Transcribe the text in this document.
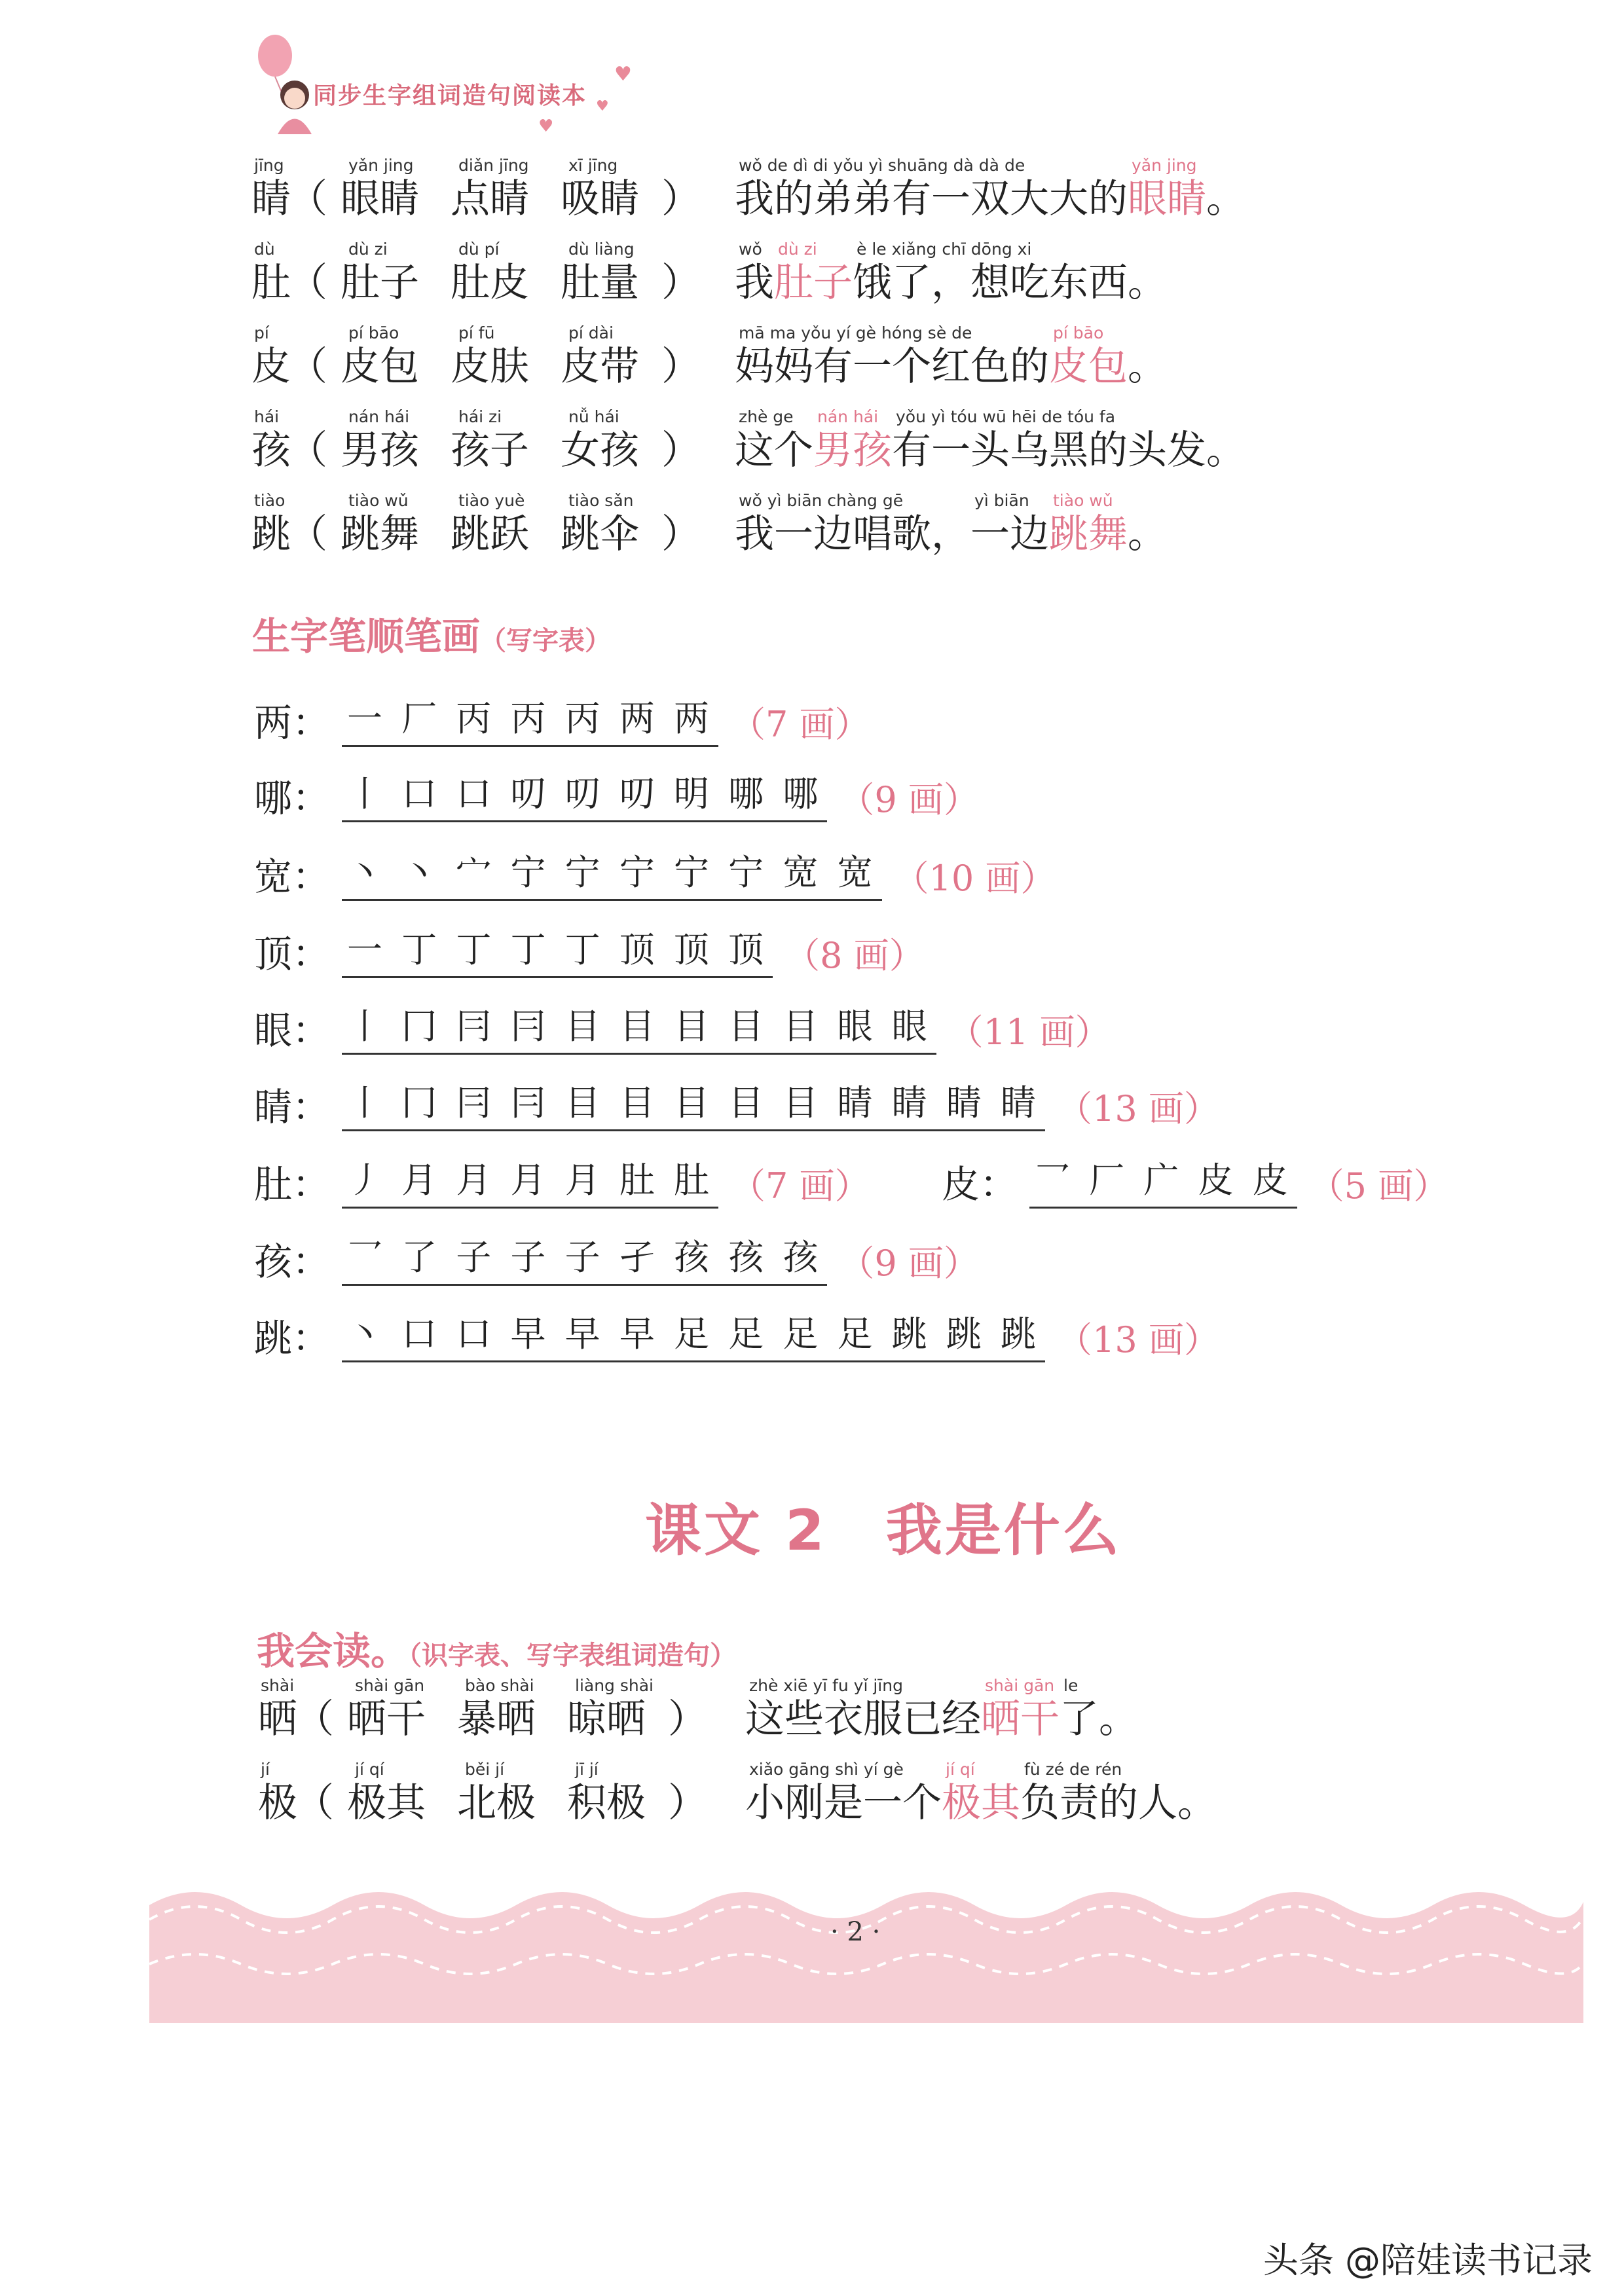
同步生字组词造句阅读本
♥
♥
♥
jīng
睛
（
yǎn jing
眼睛
diǎn jīng
点睛
xī jīng
吸睛 ）
wǒ de dì di yǒu yì shuāng dà dà de
我的弟弟有一双大大的
yǎn jing
眼睛 。
dù
肚
（
dù zi
肚子
dù pí
肚皮
dù liàng
肚量 ）
wǒ
我
dù zi
肚子
è le xiǎng chī dōng xi
饿了，想吃东西。
pí
皮
（
pí bāo
皮包
pí fū
皮肤
pí dài
皮带 ）
mā ma yǒu yí gè hóng sè de
妈妈有一个红色的
pí bāo
皮包 。
hái
孩
（
nán hái
男孩
hái zi
孩子
nǚ hái
女孩 ）
zhè ge
这个
nán hái
男孩
yǒu yì tóu wū hēi de tóu fa
有一头乌黑的头发。
tiào
跳
（
tiào wǔ
跳舞
tiào yuè
跳跃
tiào sǎn
跳伞 ）
wǒ yì biān chàng gē
我一边唱歌，
yì biān
一边
tiào wǔ
跳舞 。
生字笔顺笔画（写字表）
两： 一 厂 丙 丙 丙 两 两 （7 画）
哪： 丨 口 口 叨 叨 叨 明 哪 哪 （9 画）
宽： 丶 丶 宀 宁 宁 宁 宁 宁 宽 宽 （10 画）
顶： 一 丁 丁 丁 丁 顶 顶 顶 （8 画）
眼： 丨 冂 冃 冃 目 目 目 目 目 眼 眼 （11 画）
睛： 丨 冂 冃 冃 目 目 目 目 目 睛 睛 睛 睛 （13 画）
肚： 丿 月 月 月 月 肚 肚 （7 画） 皮： 乛 厂 广 皮 皮 （5 画）
孩： 乛 了 子 子 子 孑 孩 孩 孩 （9 画）
跳： 丶 口 口 早 早 早 足 足 足 足 跳 跳 跳 （13 画）
课文 2　我是什么
我会读。（识字表、写字表组词造句）
shài
晒
（
shài gān
晒干
bào shài
暴晒
liàng shài
晾晒 ）
zhè xiē yī fu yǐ jīng
这些衣服已经
shài gān
晒干
le
了。
jí
极
（
jí qí
极其
běi jí
北极
jī jí
积极 ）
xiǎo gāng shì yí gè
小刚是一个
jí qí
极其
fù zé de rén
负责的人。
· 2 ·
头条 @陪娃读书记录
